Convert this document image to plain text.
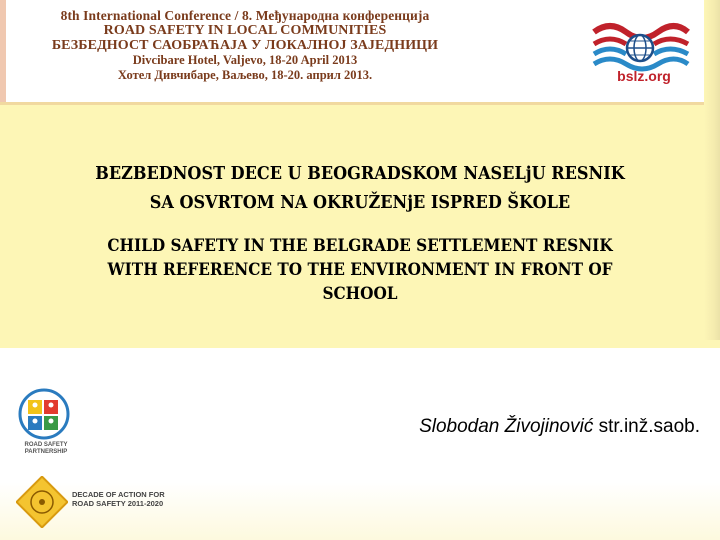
8th International Conference / 8. Међународна конференција
ROAD SAFETY IN LOCAL COMMUNITIES
БЕЗБЕДНОСТ САОБРАЋАЈА У ЛОКАЛНОЈ ЗАЈЕДНИЦИ
Divcibare Hotel, Valjevo, 18-20 April 2013
Хотел Дивчибаре, Ваљево, 18-20. април 2013.	bslz.org
BEZBEDNOST DECE U BEOGRADSKOM NASELjU RESNIK
SA OSVRTOM NA OKRUŽENjE ISPRED ŠKOLE
CHILD SAFETY IN THE BELGRADE SETTLEMENT RESNIK
WITH REFERENCE TO THE ENVIRONMENT IN FRONT OF
SCHOOL
Slobodan Živojinović str.inž.saob.
ROAD SAFETY
PARTNERSHIP
DECADE OF ACTION FOR
ROAD SAFETY 2011-2020
